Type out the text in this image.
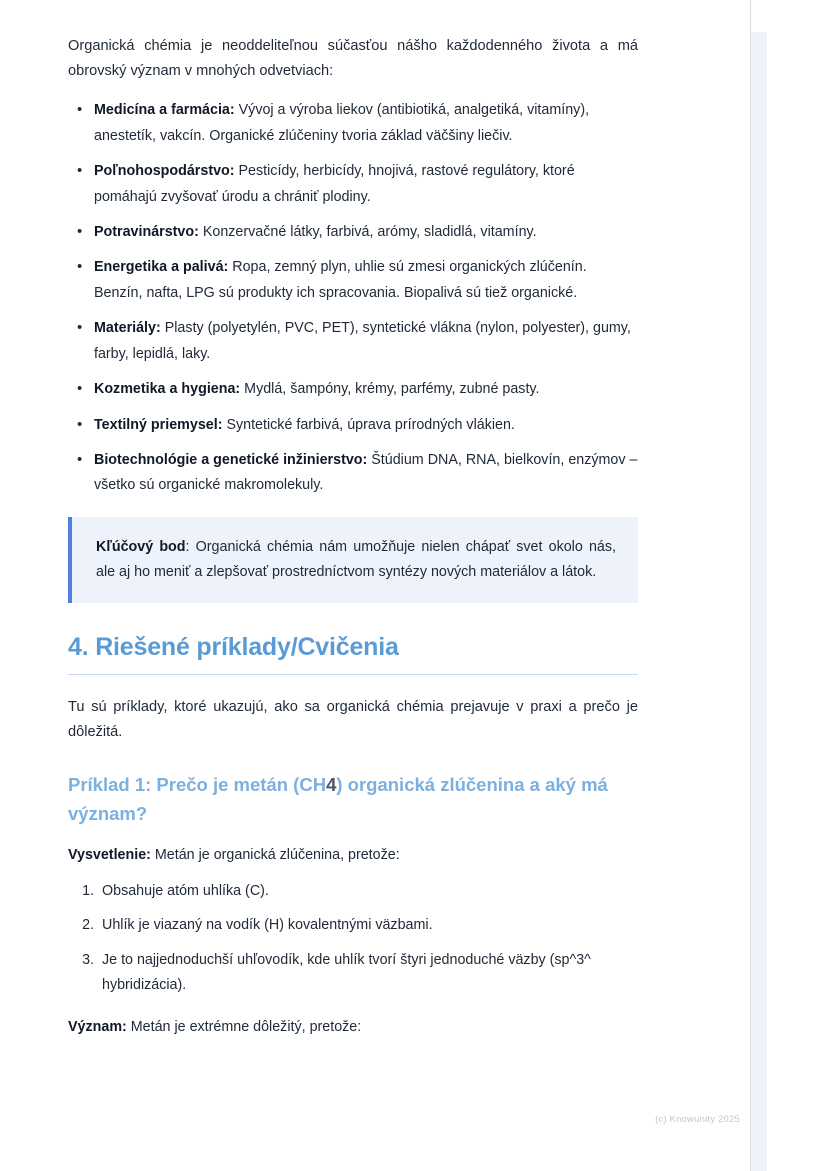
Organická chémia je neoddeliteľnou súčasťou nášho každodenného života a má obrovský význam v mnohých odvetviach:

• Medicína a farmácia: Vývoj a výroba liekov (antibiotiká, analgetiká, vitamíny), anestetík, vakcín. Organické zlúčeniny tvoria základ väčšiny liečiv.
• Poľnohospodárstvo: Pesticídy, herbicídy, hnojivá, rastové regulátory, ktoré pomáhajú zvyšovať úrodu a chrániť plodiny.
• Potravinárstvo: Konzervačné látky, farbivá, arómy, sladidlá, vitamíny.
• Energetika a palivá: Ropa, zemný plyn, uhlie sú zmesi organických zlúčenín. Benzín, nafta, LPG sú produkty ich spracovania. Biopalivá sú tiež organické.
• Materiály: Plasty (polyetylén, PVC, PET), syntetické vlákna (nylon, polyester), gumy, farby, lepidlá, laky.
• Kozmetika a hygiena: Mydlá, šampóny, krémy, parfémy, zubné pasty.
• Textilný priemysel: Syntetické farbivá, úprava prírodných vlákien.
• Biotechnológie a genetické inžinierstvo: Štúdium DNA, RNA, bielkovín, enzýmov – všetko sú organické makromolekuly.

Kľúčový bod: Organická chémia nám umožňuje nielen chápať svet okolo nás, ale aj ho meniť a zlepšovať prostredníctvom syntézy nových materiálov a látok.

4. Riešené príklady/Cvičenia

Tu sú príklady, ktoré ukazujú, ako sa organická chémia prejavuje v praxi a prečo je dôležitá.

Príklad 1: Prečo je metán (CH4) organická zlúčenina a aký má význam?

Vysvetlenie: Metán je organická zlúčenina, pretože:

1. Obsahuje atóm uhlíka (C).
2. Uhlík je viazaný na vodík (H) kovalentnými väzbami.
3. Je to najjednoduchší uhľovodík, kde uhlík tvorí štyri jednoduché väzby (sp^3^ hybridizácia).

Význam: Metán je extrémne dôležitý, pretože:

(c) Knowunity 2025
